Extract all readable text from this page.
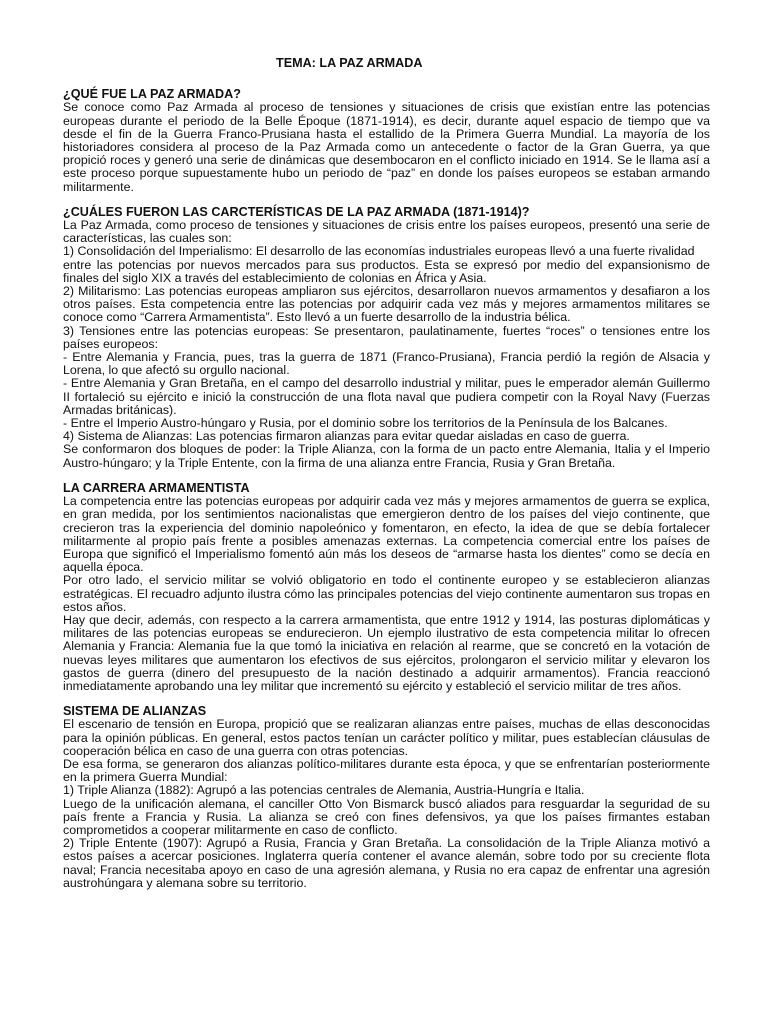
TEMA: LA PAZ ARMADA
¿QUÉ FUE LA PAZ ARMADA?
Se conoce como Paz Armada al proceso de tensiones y situaciones de crisis que existían entre las potencias europeas durante el periodo de la Belle Époque (1871-1914), es decir, durante aquel espacio de tiempo que va desde el fin de la Guerra Franco-Prusiana hasta el estallido de la Primera Guerra Mundial. La mayoría de los historiadores considera al proceso de la Paz Armada como un antecedente o factor de la Gran Guerra, ya que propició roces y generó una serie de dinámicas que desembocaron en el conflicto iniciado en 1914. Se le llama así a este proceso porque supuestamente hubo un periodo de “paz” en donde los países europeos se estaban armando militarmente.
¿CUÁLES FUERON LAS CARCTERÍSTICAS DE LA PAZ ARMADA (1871-1914)?
La Paz Armada, como proceso de tensiones y situaciones de crisis entre los países europeos, presentó una serie de características, las cuales son:
1) Consolidación del Imperialismo: El desarrollo de las economías industriales europeas llevó a una fuerte rivalidad
entre las potencias por nuevos mercados para sus productos. Esta se expresó por medio del expansionismo de finales del siglo XIX a través del establecimiento de colonias en África y Asia.
2) Militarismo: Las potencias europeas ampliaron sus ejércitos, desarrollaron nuevos armamentos y desafiaron a los otros países. Esta competencia entre las potencias por adquirir cada vez más y mejores armamentos militares se conoce como “Carrera Armamentista”. Esto llevó a un fuerte desarrollo de la industria bélica.
3) Tensiones entre las potencias europeas: Se presentaron, paulatinamente, fuertes “roces” o tensiones entre los países europeos:
- Entre Alemania y Francia, pues, tras la guerra de 1871 (Franco-Prusiana), Francia perdió la región de Alsacia y Lorena, lo que afectó su orgullo nacional.
- Entre Alemania y Gran Bretaña, en el campo del desarrollo industrial y militar, pues le emperador alemán Guillermo II fortaleció su ejército e inició la construcción de una flota naval que pudiera competir con la Royal Navy (Fuerzas Armadas británicas).
- Entre el Imperio Austro-húngaro y Rusia, por el dominio sobre los territorios de la Península de los Balcanes.
4) Sistema de Alianzas: Las potencias firmaron alianzas para evitar quedar aisladas en caso de guerra.
Se conformaron dos bloques de poder: la Triple Alianza, con la forma de un pacto entre Alemania, Italia y el Imperio Austro-húngaro; y la Triple Entente, con la firma de una alianza entre Francia, Rusia y Gran Bretaña.
LA CARRERA ARMAMENTISTA
La competencia entre las potencias europeas por adquirir cada vez más y mejores armamentos de guerra se explica, en gran medida, por los sentimientos nacionalistas que emergieron dentro de los países del viejo continente, que crecieron tras la experiencia del dominio napoleónico y fomentaron, en efecto, la idea de que se debía fortalecer militarmente al propio país frente a posibles amenazas externas. La competencia comercial entre los países de Europa que significó el Imperialismo fomentó aún más los deseos de “armarse hasta los dientes” como se decía en aquella época.
Por otro lado, el servicio militar se volvió obligatorio en todo el continente europeo y se establecieron alianzas estratégicas. El recuadro adjunto ilustra cómo las principales potencias del viejo continente aumentaron sus tropas en estos años.
Hay que decir, además, con respecto a la carrera armamentista, que entre 1912 y 1914, las posturas diplomáticas y militares de las potencias europeas se endurecieron. Un ejemplo ilustrativo de esta competencia militar lo ofrecen Alemania y Francia: Alemania fue la que tomó la iniciativa en relación al rearme, que se concretó en la votación de nuevas leyes militares que aumentaron los efectivos de sus ejércitos, prolongaron el servicio militar y elevaron los gastos de guerra (dinero del presupuesto de la nación destinado a adquirir armamentos). Francia reaccionó inmediatamente aprobando una ley militar que incrementó su ejército y estableció el servicio militar de tres años.
SISTEMA DE ALIANZAS
El escenario de tensión en Europa, propició que se realizaran alianzas entre países, muchas de ellas desconocidas para la opinión públicas. En general, estos pactos tenían un carácter político y militar, pues establecían cláusulas de cooperación bélica en caso de una guerra con otras potencias.
De esa forma, se generaron dos alianzas político-militares durante esta época, y que se enfrentarían posteriormente en la primera Guerra Mundial:
1) Triple Alianza (1882): Agrupó a las potencias centrales de Alemania, Austria-Hungría e Italia.
Luego de la unificación alemana, el canciller Otto Von Bismarck buscó aliados para resguardar la seguridad de su país frente a Francia y Rusia. La alianza se creó con fines defensivos, ya que los países firmantes estaban comprometidos a cooperar militarmente en caso de conflicto.
2) Triple Entente (1907): Agrupó a Rusia, Francia y Gran Bretaña. La consolidación de la Triple Alianza motivó a estos países a acercar posiciones. Inglaterra quería contener el avance alemán, sobre todo por su creciente flota naval; Francia necesitaba apoyo en caso de una agresión alemana, y Rusia no era capaz de enfrentar una agresión austrohúngara y alemana sobre su territorio.
